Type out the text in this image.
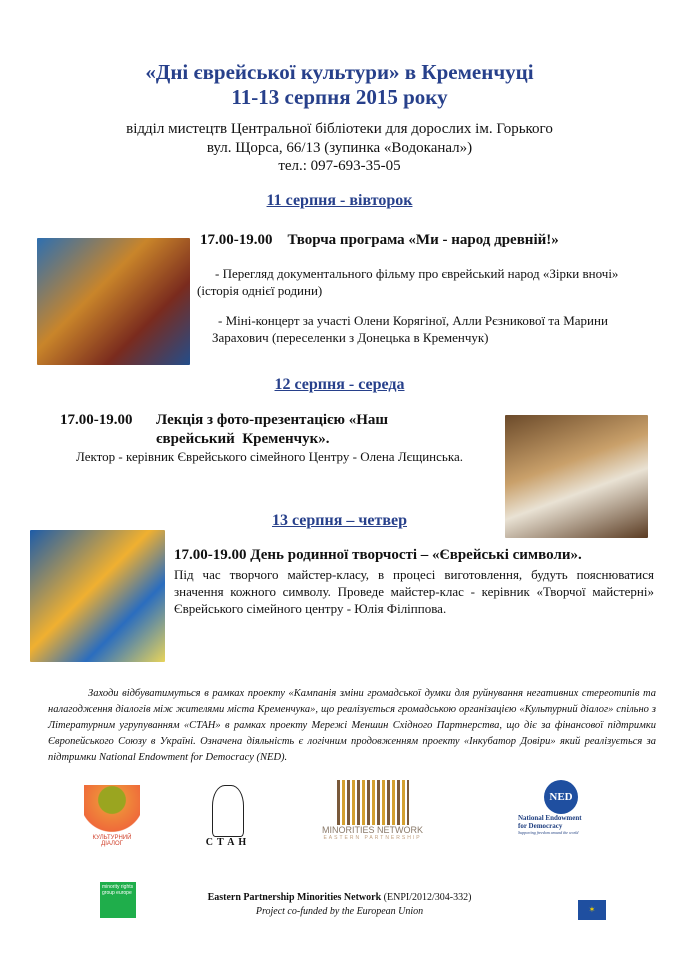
«Дні єврейської культури» в Кременчуці
11-13 серпня 2015 року
відділ мистецтв Центральної бібліотеки для дорослих ім. Горького
вул. Щорса, 66/13 (зупинка «Водоканал»)
тел.: 097-693-35-05
11 серпня - вівторок
17.00-19.00    Творча програма «Ми - народ древній!»
- Перегляд документального фільму про єврейський народ «Зірки вночі» (історія однієї родини)
- Міні-концерт за участі Олени Корягіної, Алли Рєзникової та Марини Зарахович (переселенки з Донецька в Кременчук)
12 серпня - середа
17.00-19.00 Лекція з фото-презентацією «Наш
єврейський  Кременчук».
Лектор - керівник Єврейського сімейного Центру - Олена Лєщинська.
13 серпня – четвер
17.00-19.00 День родинної творчості – «Єврейські символи».
Під час творчого майстер-класу, в процесі виготовлення, будуть пояснюватися значення кожного символу. Проведе майстер-клас - керівник «Творчої майстерні» Єврейського сімейного центру - Юлія Філіппова.
Заходи відбуватимуться в рамках проекту «Кампанія зміни громадської думки для руйнування негативних стереотипів та налагодження діалогів між жителями міста Кременчука», що реалізується громадською організацією «Культурний діалог» спільно з Літературним угрупуванням «СТАН» в рамках проекту Мережі Меншин Східного Партнерства, що діє за фінансової підтримки Європейського Союзу в Україні. Означена діяльність є логічним продовженням проекту «Інкубатор Довіри» який реалізується за підтримки National Endowment for Democracy (NED).
КУЛЬТУРНИЙ ДІАЛОГ	СТАН
MINORITIES NETWORK
EASTERN PARTNERSHIP
NED
National Endowment
for Democracy
Supporting freedom around the world
minority rights group europe	Eastern Partnership Minorities Network (ENPI/2012/304-332)
Project co-funded by the European Union	✶
